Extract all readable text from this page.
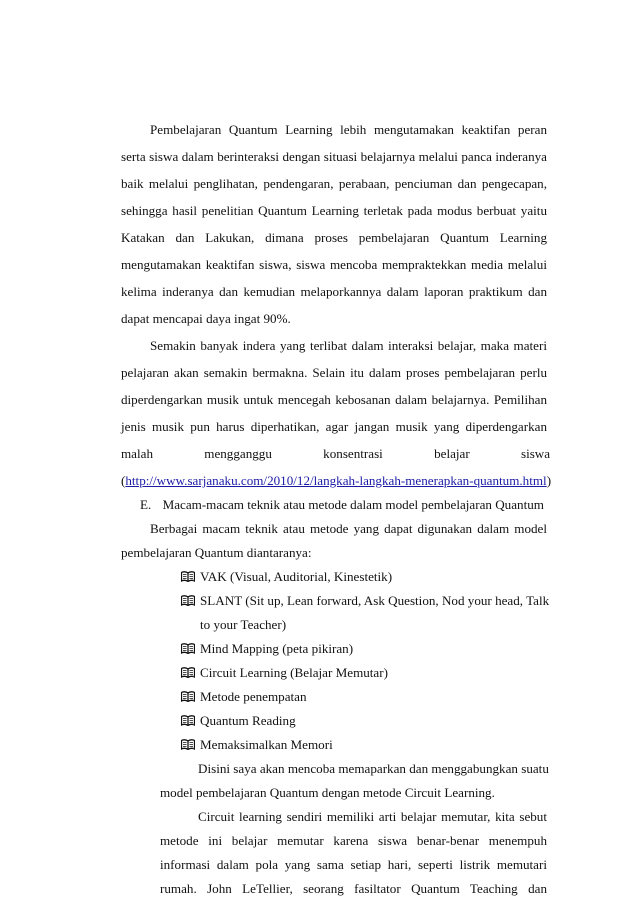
Pembelajaran Quantum Learning lebih mengutamakan keaktifan peran
serta siswa dalam berinteraksi dengan situasi belajarnya melalui panca inderanya
baik melalui penglihatan, pendengaran, perabaan, penciuman dan pengecapan,
sehingga hasil penelitian Quantum Learning terletak pada modus berbuat yaitu
Katakan dan Lakukan, dimana proses pembelajaran Quantum Learning
mengutamakan keaktifan siswa, siswa mencoba mempraktekkan media melalui
kelima inderanya dan kemudian melaporkannya dalam laporan praktikum dan
dapat mencapai daya ingat 90%.
Semakin banyak indera yang terlibat dalam interaksi belajar, maka materi
pelajaran akan semakin bermakna. Selain itu dalam proses pembelajaran perlu
diperdengarkan musik untuk mencegah kebosanan dalam belajarnya. Pemilihan
jenis musik pun harus diperhatikan, agar jangan musik yang diperdengarkan
malah mengganggu konsentrasi belajar siswa
(http://www.sarjanaku.com/2010/12/langkah-langkah-menerapkan-quantum.html)
E. Macam-macam teknik atau metode dalam model pembelajaran Quantum
Berbagai macam teknik atau metode yang dapat digunakan dalam model
pembelajaran Quantum diantaranya:
VAK (Visual, Auditorial, Kinestetik)
SLANT (Sit up, Lean forward, Ask Question, Nod your head, Talk
to your Teacher)
Mind Mapping (peta pikiran)
Circuit Learning (Belajar Memutar)
Metode penempatan
Quantum Reading
Memaksimalkan Memori
Disini saya akan mencoba memaparkan dan menggabungkan suatu
model pembelajaran Quantum dengan metode Circuit Learning.
Circuit learning sendiri memiliki arti belajar memutar, kita sebut
metode ini belajar memutar karena siswa benar-benar menempuh
informasi dalam pola yang sama setiap hari, seperti listrik memutari
rumah. John LeTellier, seorang fasiltator Quantum Teaching dan
